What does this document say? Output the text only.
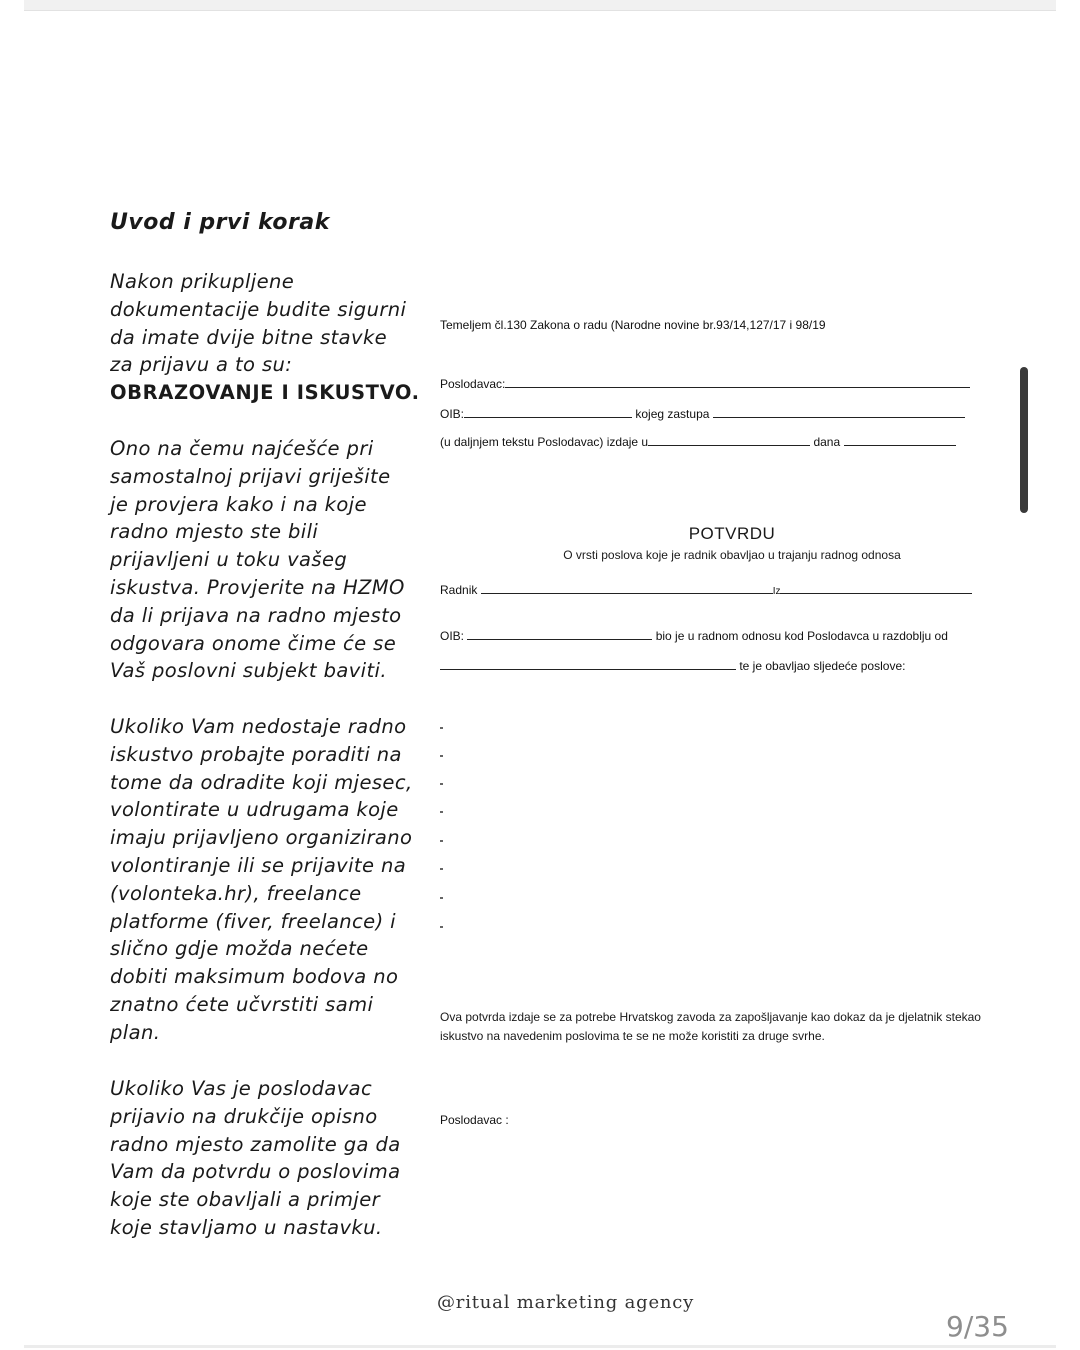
Uvod i prvi korak
Nakon prikupljene
dokumentacije budite sigurni
da imate dvije bitne stavke
za prijavu a to su:
OBRAZOVANJE I ISKUSTVO.
Ono na čemu najćešće pri
samostalnoj prijavi griješite
je provjera kako i na koje
radno mjesto ste bili
prijavljeni u toku vašeg
iskustva. Provjerite na HZMO
da li prijava na radno mjesto
odgovara onome čime će se
Vaš poslovni subjekt baviti.
Ukoliko Vam nedostaje radno
iskustvo probajte poraditi na
tome da odradite koji mjesec,
volontirate u udrugama koje
imaju prijavljeno organizirano
volontiranje ili se prijavite na
(volonteka.hr), freelance
platforme (fiver, freelance) i
slično gdje možda nećete
dobiti maksimum bodova no
znatno ćete učvrstiti sami
plan.
Ukoliko Vas je poslodavac
prijavio na drukčije opisno
radno mjesto zamolite ga da
Vam da potvrdu o poslovima
koje ste obavljali a primjer
koje stavljamo u nastavku.
Temeljem čl.130 Zakona o radu (Narodne novine br.93/14,127/17 i 98/19
Poslodavac:
OIB:	kojeg zastupa
(u daljnjem tekstu Poslodavac) izdaje u	dana
POTVRDU
O vrsti poslova koje je radnik obavljao u trajanju radnog odnosa
Radnik	Iz
OIB:	bio je u radnom odnosu kod Poslodavca u razdoblju od
te je obavljao sljedeće poslove:
Ova potvrda izdaje se za potrebe Hrvatskog zavoda za zapošljavanje kao dokaz da je djelatnik stekao
iskustvo na navedenim poslovima te se ne može koristiti za druge svrhe.
Poslodavac :
@ritual marketing agency
9/35
